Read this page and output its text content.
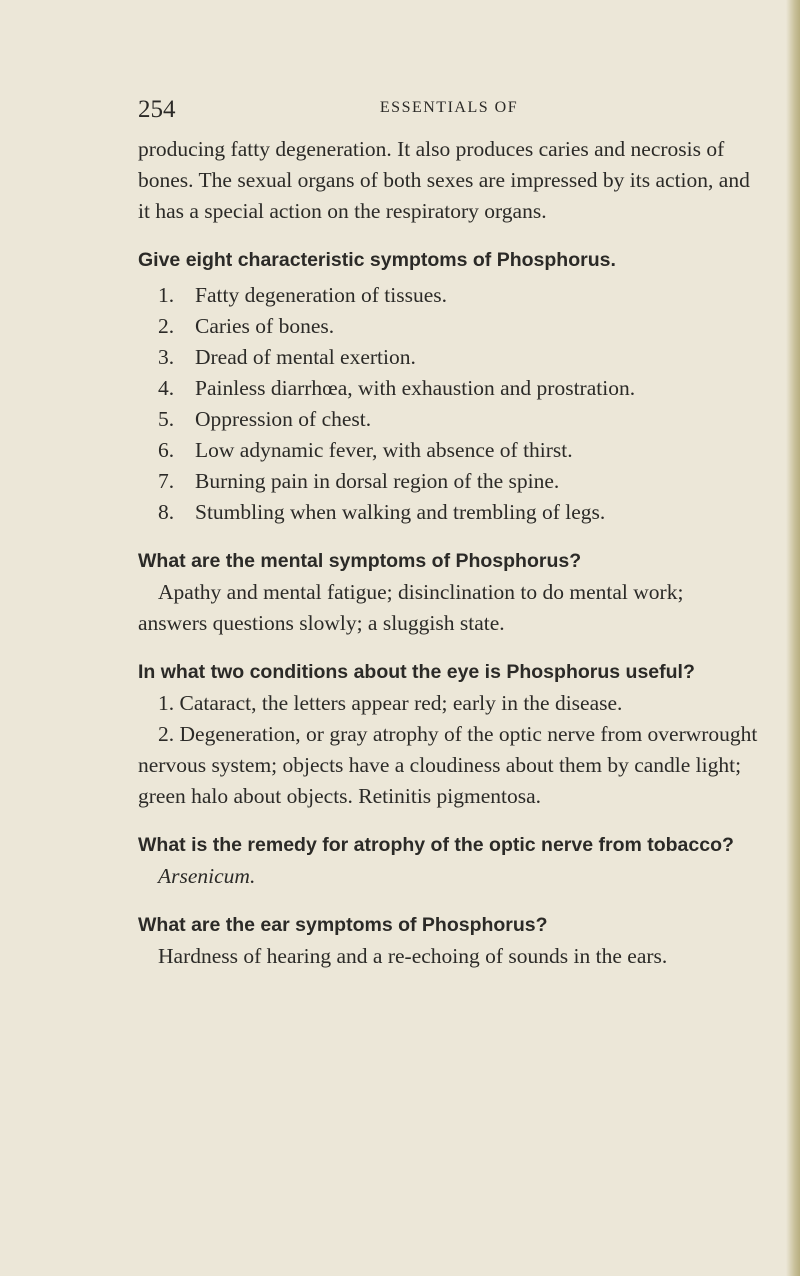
254	ESSENTIALS OF

producing fatty degeneration. It also produces caries and necrosis of bones. The sexual organs of both sexes are impressed by its action, and it has a special action on the respiratory organs.

Give eight characteristic symptoms of Phosphorus.

1. Fatty degeneration of tissues.
2. Caries of bones.
3. Dread of mental exertion.
4. Painless diarrhœa, with exhaustion and prostration.
5. Oppression of chest.
6. Low adynamic fever, with absence of thirst.
7. Burning pain in dorsal region of the spine.
8. Stumbling when walking and trembling of legs.

What are the mental symptoms of Phosphorus?

Apathy and mental fatigue; disinclination to do mental work; answers questions slowly; a sluggish state.

In what two conditions about the eye is Phosphorus useful?

1. Cataract, the letters appear red; early in the disease.

2. Degeneration, or gray atrophy of the optic nerve from overwrought nervous system; objects have a cloudiness about them by candle light; green halo about objects. Retinitis pigmentosa.

What is the remedy for atrophy of the optic nerve from tobacco?

Arsenicum.

What are the ear symptoms of Phosphorus?

Hardness of hearing and a re-echoing of sounds in the ears.
